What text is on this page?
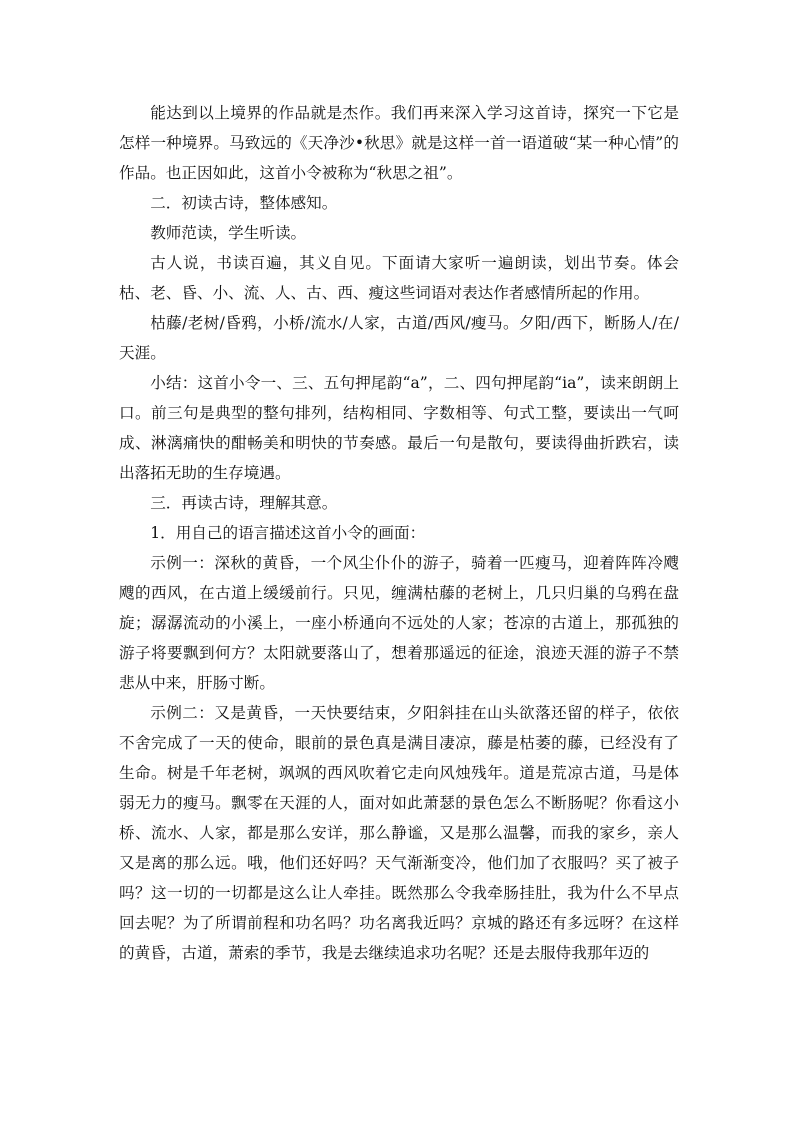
能达到以上境界的作品就是杰作。我们再来深入学习这首诗，探究一下它是怎样一种境界。马致远的《天净沙•秋思》就是这样一首一语道破“某一种心情”的作品。也正因如此，这首小令被称为“秋思之祖”。

二．初读古诗，整体感知。

教师范读，学生听读。

古人说，书读百遍，其义自见。下面请大家听一遍朗读，划出节奏。体会枯、老、昏、小、流、人、古、西、瘦这些词语对表达作者感情所起的作用。

枯藤/老树/昏鸦，小桥/流水/人家，古道/西风/瘦马。夕阳/西下，断肠人/在/天涯。

小结：这首小令一、三、五句押尾韵“a”，二、四句押尾韵“ia”，读来朗朗上口。前三句是典型的整句排列，结构相同、字数相等、句式工整，要读出一气呵成、淋漓痛快的酣畅美和明快的节奏感。最后一句是散句，要读得曲折跌宕，读出落拓无助的生存境遇。

三．再读古诗，理解其意。

1．用自己的语言描述这首小令的画面：

示例一：深秋的黄昏，一个风尘仆仆的游子，骑着一匹瘦马，迎着阵阵冷飕飕的西风，在古道上缓缓前行。只见，缠满枯藤的老树上，几只归巢的乌鸦在盘旋；潺潺流动的小溪上，一座小桥通向不远处的人家；苍凉的古道上，那孤独的游子将要飘到何方？太阳就要落山了，想着那遥远的征途，浪迹天涯的游子不禁悲从中来，肝肠寸断。

示例二：又是黄昏，一天快要结束，夕阳斜挂在山头欲落还留的样子，依依不舍完成了一天的使命，眼前的景色真是满目凄凉，藤是枯萎的藤，已经没有了生命。树是千年老树，飒飒的西风吹着它走向风烛残年。道是荒凉古道，马是体弱无力的瘦马。飘零在天涯的人，面对如此萧瑟的景色怎么不断肠呢？你看这小桥、流水、人家，都是那么安详，那么静谧，又是那么温馨，而我的家乡，亲人又是离的那么远。哦，他们还好吗？天气渐渐变冷，他们加了衣服吗？买了被子吗？这一切的一切都是这么让人牵挂。既然那么令我牵肠挂肚，我为什么不早点回去呢？为了所谓前程和功名吗？功名离我近吗？京城的路还有多远呀？在这样的黄昏，古道，萧索的季节，我是去继续追求功名呢？还是去服侍我那年迈的
